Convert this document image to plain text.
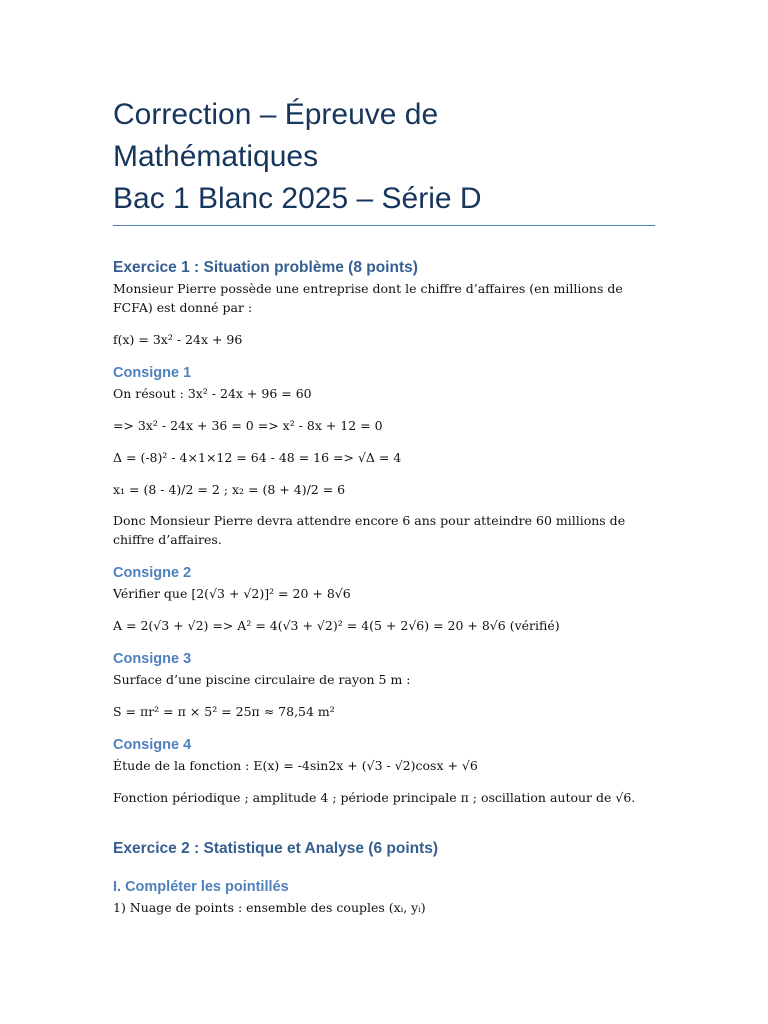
Correction – Épreuve de
Mathématiques
Bac 1 Blanc 2025 – Série D
Exercice 1 : Situation problème (8 points)

Monsieur Pierre possède une entreprise dont le chiffre d’affaires (en millions de FCFA) est donné par :

f(x) = 3x² - 24x + 96

Consigne 1

On résout : 3x² - 24x + 96 = 60

=> 3x² - 24x + 36 = 0 => x² - 8x + 12 = 0

Δ = (-8)² - 4×1×12 = 64 - 48 = 16 => √Δ = 4

x₁ = (8 - 4)/2 = 2 ; x₂ = (8 + 4)/2 = 6

Donc Monsieur Pierre devra attendre encore 6 ans pour atteindre 60 millions de chiffre d’affaires.

Consigne 2

Vérifier que [2(√3 + √2)]² = 20 + 8√6

A = 2(√3 + √2) => A² = 4(√3 + √2)² = 4(5 + 2√6) = 20 + 8√6 (vérifié)

Consigne 3

Surface d’une piscine circulaire de rayon 5 m :

S = πr² = π × 5² = 25π ≈ 78,54 m²

Consigne 4

Étude de la fonction : E(x) = -4sin2x + (√3 - √2)cosx + √6

Fonction périodique ; amplitude 4 ; période principale π ; oscillation autour de √6.

Exercice 2 : Statistique et Analyse (6 points)
I. Compléter les pointillés

1) Nuage de points : ensemble des couples (xᵢ, yᵢ)
